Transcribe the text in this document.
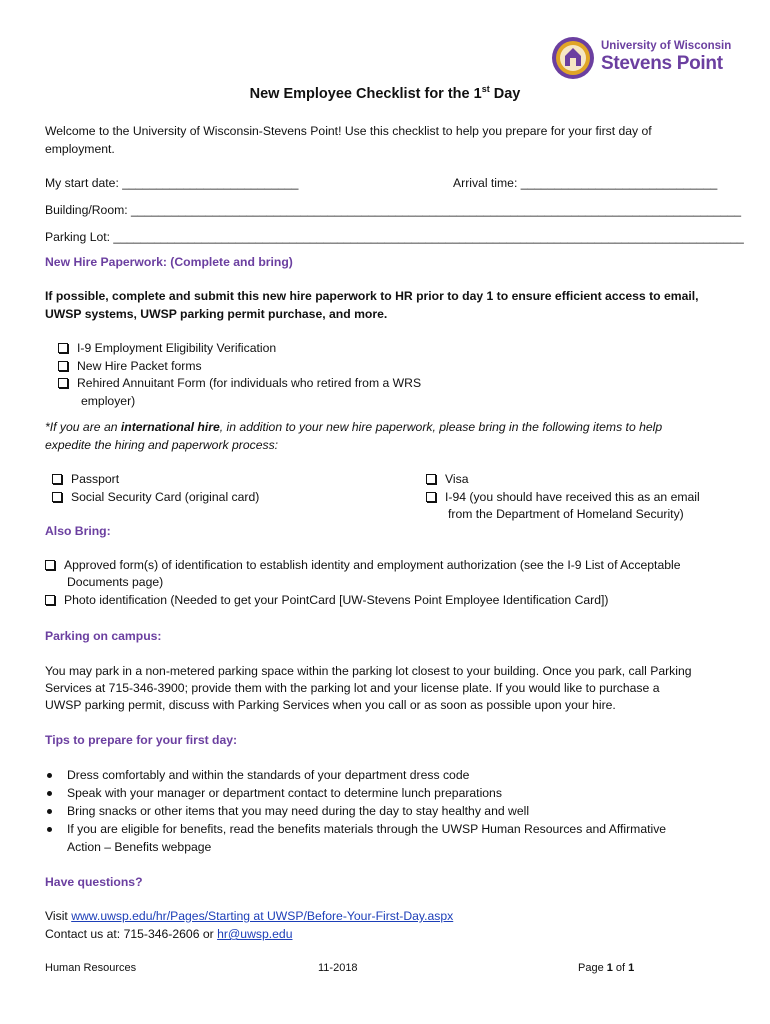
University of Wisconsin
Stevens Point
New Employee Checklist for the 1st Day
Welcome to the University of Wisconsin-Stevens Point! Use this checklist to help you prepare for your first day of
employment.
My start date: __________________________	Arrival time: _____________________________
Building/Room: __________________________________________________________________________________________
Parking Lot: _____________________________________________________________________________________________
New Hire Paperwork: (Complete and bring)
If possible, complete and submit this new hire paperwork to HR prior to day 1 to ensure efficient access to email,
UWSP systems, UWSP parking permit purchase, and more.
I-9 Employment Eligibility Verification
New Hire Packet forms
Rehired Annuitant Form (for individuals who retired from a WRS
employer)
*If you are an international hire, in addition to your new hire paperwork, please bring in the following items to help
expedite the hiring and paperwork process:
Passport
Social Security Card (original card)
Visa
I-94 (you should have received this as an email
from the Department of Homeland Security)
Also Bring:
Approved form(s) of identification to establish identity and employment authorization (see the I-9 List of Acceptable
Documents page)
Photo identification (Needed to get your PointCard [UW-Stevens Point Employee Identification Card])
Parking on campus:
You may park in a non-metered parking space within the parking lot closest to your building. Once you park, call Parking
Services at 715-346-3900; provide them with the parking lot and your license plate. If you would like to purchase a
UWSP parking permit, discuss with Parking Services when you call or as soon as possible upon your hire.
Tips to prepare for your first day:
Dress comfortably and within the standards of your department dress code
Speak with your manager or department contact to determine lunch preparations
Bring snacks or other items that you may need during the day to stay healthy and well
If you are eligible for benefits, read the benefits materials through the UWSP Human Resources and Affirmative
Action – Benefits webpage
Have questions?
Visit www.uwsp.edu/hr/Pages/Starting at UWSP/Before-Your-First-Day.aspx
Contact us at: 715-346-2606 or hr@uwsp.edu
Human Resources	11-2018	Page 1 of 1
